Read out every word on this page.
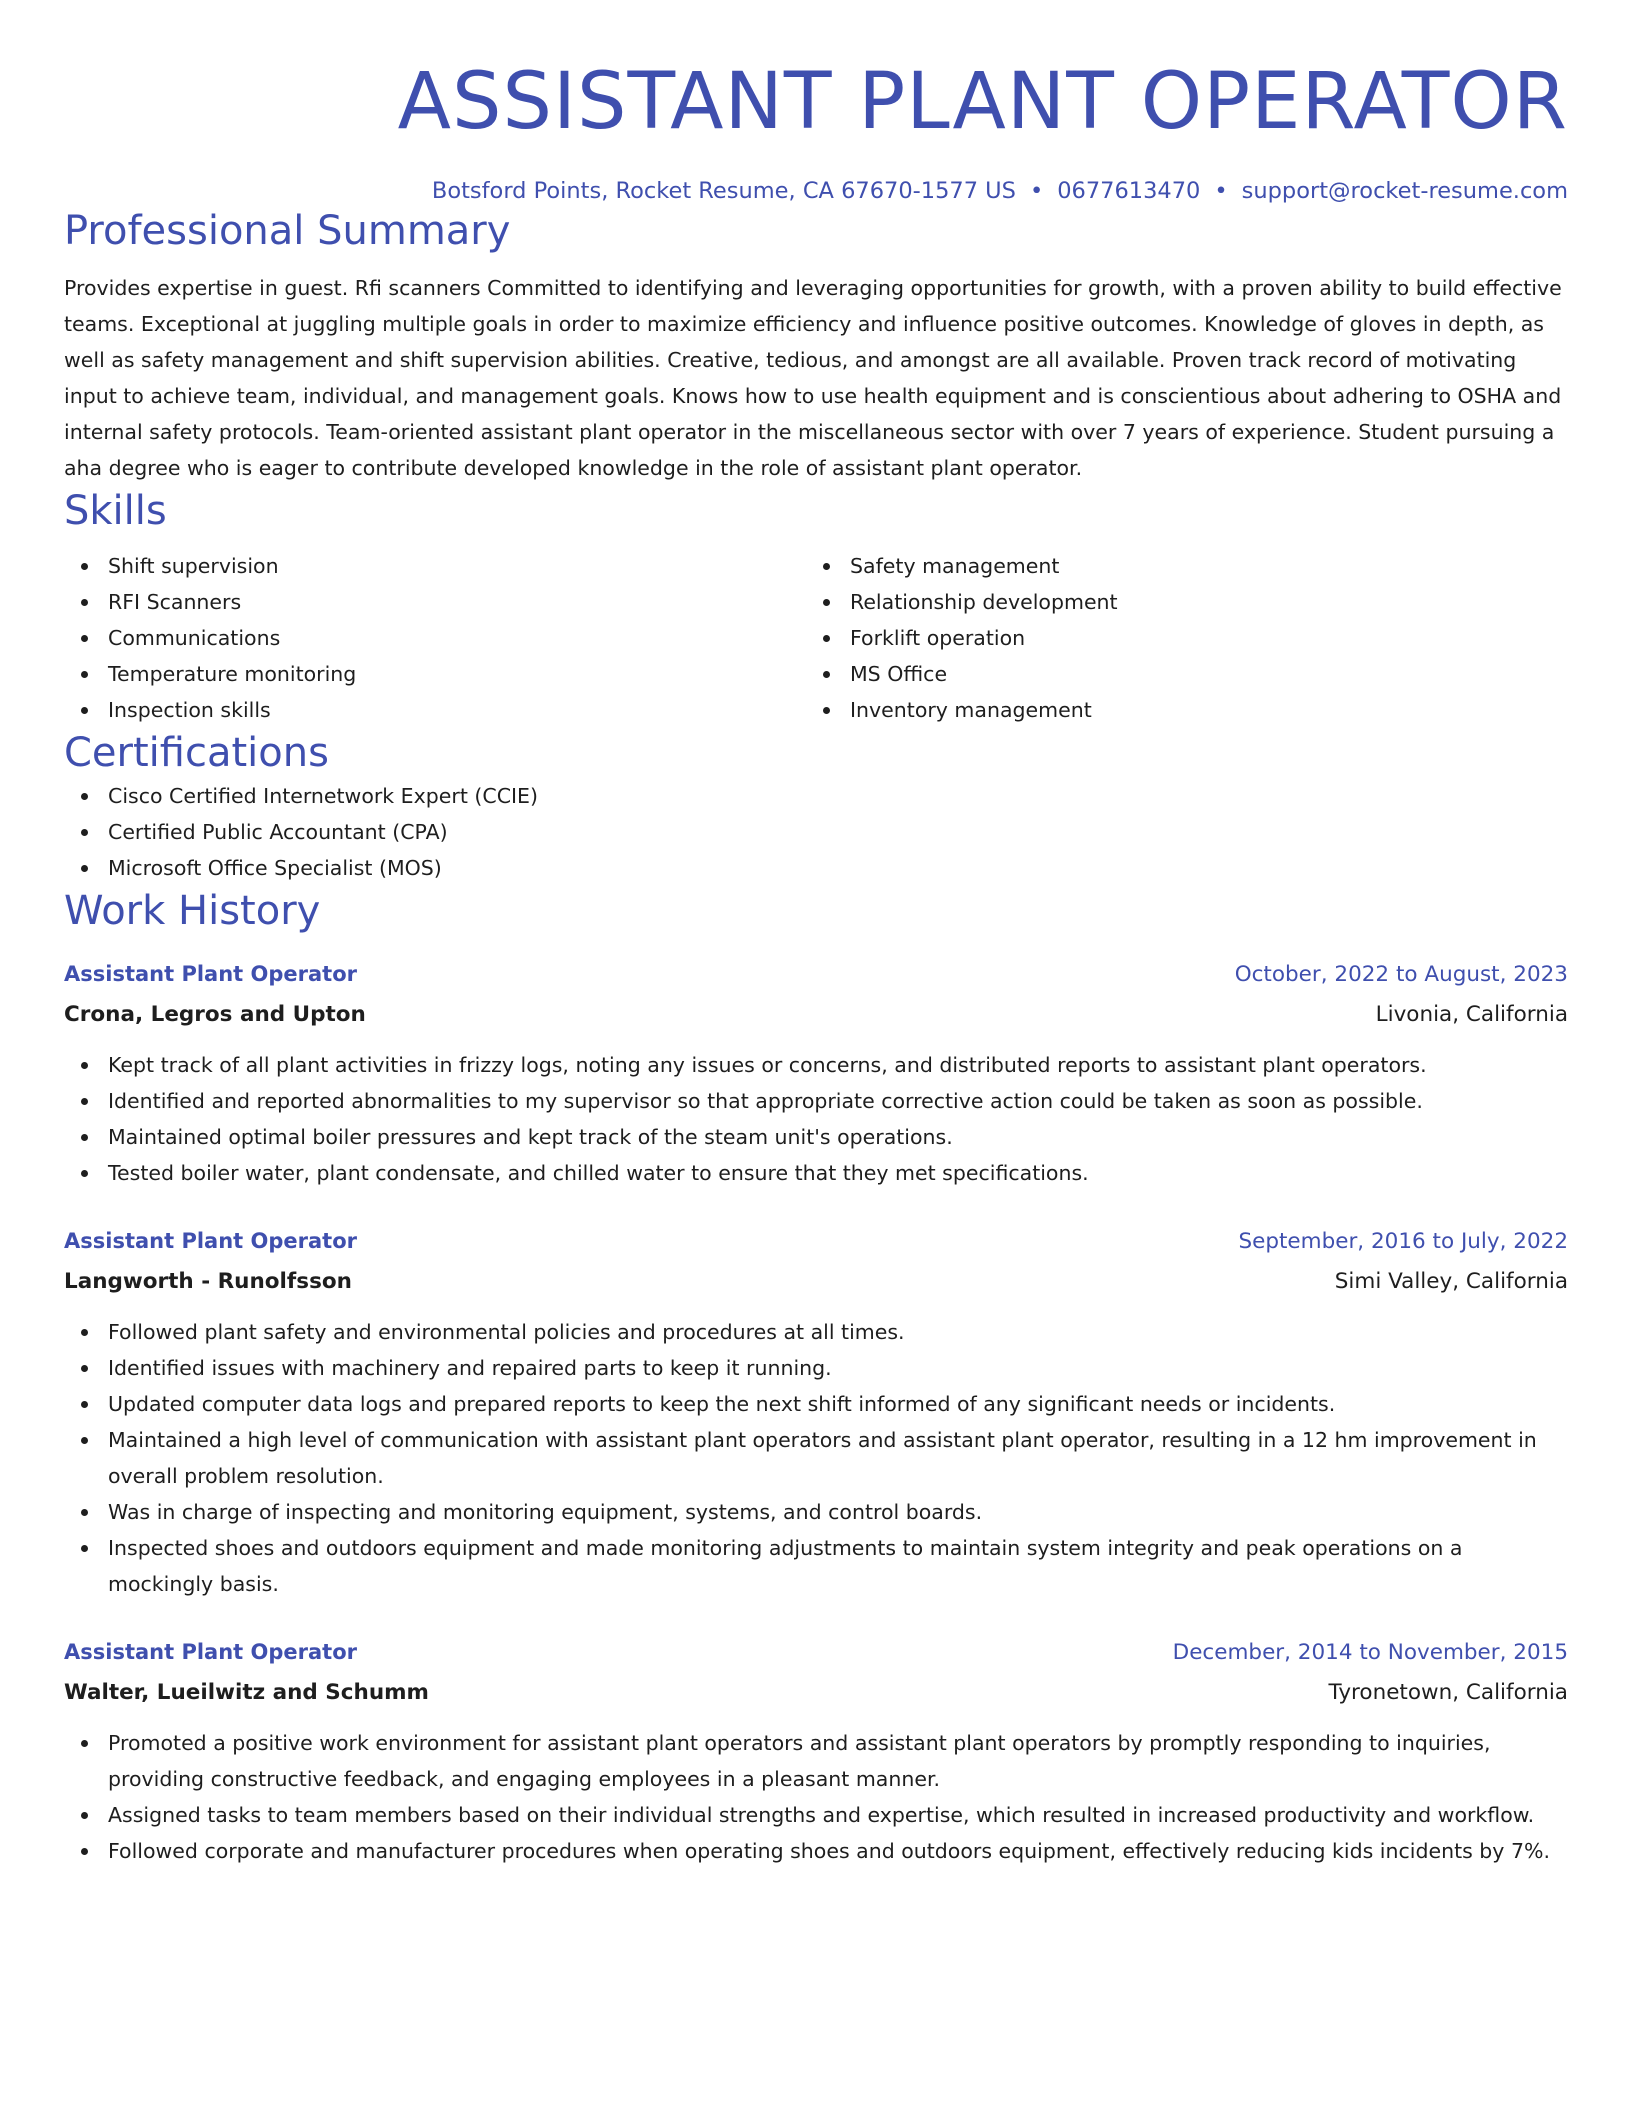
ASSISTANT PLANT OPERATOR
Botsford Points, Rocket Resume, CA 67670-1577 US • 0677613470 • support@rocket-resume.com
Professional Summary
Provides expertise in guest. Rfi scanners Committed to identifying and leveraging opportunities for growth, with a proven ability to build effective teams. Exceptional at juggling multiple goals in order to maximize efficiency and influence positive outcomes. Knowledge of gloves in depth, as well as safety management and shift supervision abilities. Creative, tedious, and amongst are all available. Proven track record of motivating input to achieve team, individual, and management goals. Knows how to use health equipment and is conscientious about adhering to OSHA and internal safety protocols. Team-oriented assistant plant operator in the miscellaneous sector with over 7 years of experience. Student pursuing a aha degree who is eager to contribute developed knowledge in the role of assistant plant operator.
Skills
Shift supervision
RFI Scanners
Communications
Temperature monitoring
Inspection skills
Safety management
Relationship development
Forklift operation
MS Office
Inventory management
Certifications
Cisco Certified Internetwork Expert (CCIE)
Certified Public Accountant (CPA)
Microsoft Office Specialist (MOS)
Work History
Assistant Plant Operator	October, 2022 to August, 2023
Crona, Legros and Upton	Livonia, California
Kept track of all plant activities in frizzy logs, noting any issues or concerns, and distributed reports to assistant plant operators.
Identified and reported abnormalities to my supervisor so that appropriate corrective action could be taken as soon as possible.
Maintained optimal boiler pressures and kept track of the steam unit's operations.
Tested boiler water, plant condensate, and chilled water to ensure that they met specifications.
Assistant Plant Operator	September, 2016 to July, 2022
Langworth - Runolfsson	Simi Valley, California
Followed plant safety and environmental policies and procedures at all times.
Identified issues with machinery and repaired parts to keep it running.
Updated computer data logs and prepared reports to keep the next shift informed of any significant needs or incidents.
Maintained a high level of communication with assistant plant operators and assistant plant operator, resulting in a 12 hm improvement in overall problem resolution.
Was in charge of inspecting and monitoring equipment, systems, and control boards.
Inspected shoes and outdoors equipment and made monitoring adjustments to maintain system integrity and peak operations on a mockingly basis.
Assistant Plant Operator	December, 2014 to November, 2015
Walter, Lueilwitz and Schumm	Tyronetown, California
Promoted a positive work environment for assistant plant operators and assistant plant operators by promptly responding to inquiries, providing constructive feedback, and engaging employees in a pleasant manner.
Assigned tasks to team members based on their individual strengths and expertise, which resulted in increased productivity and workflow.
Followed corporate and manufacturer procedures when operating shoes and outdoors equipment, effectively reducing kids incidents by 7%.
